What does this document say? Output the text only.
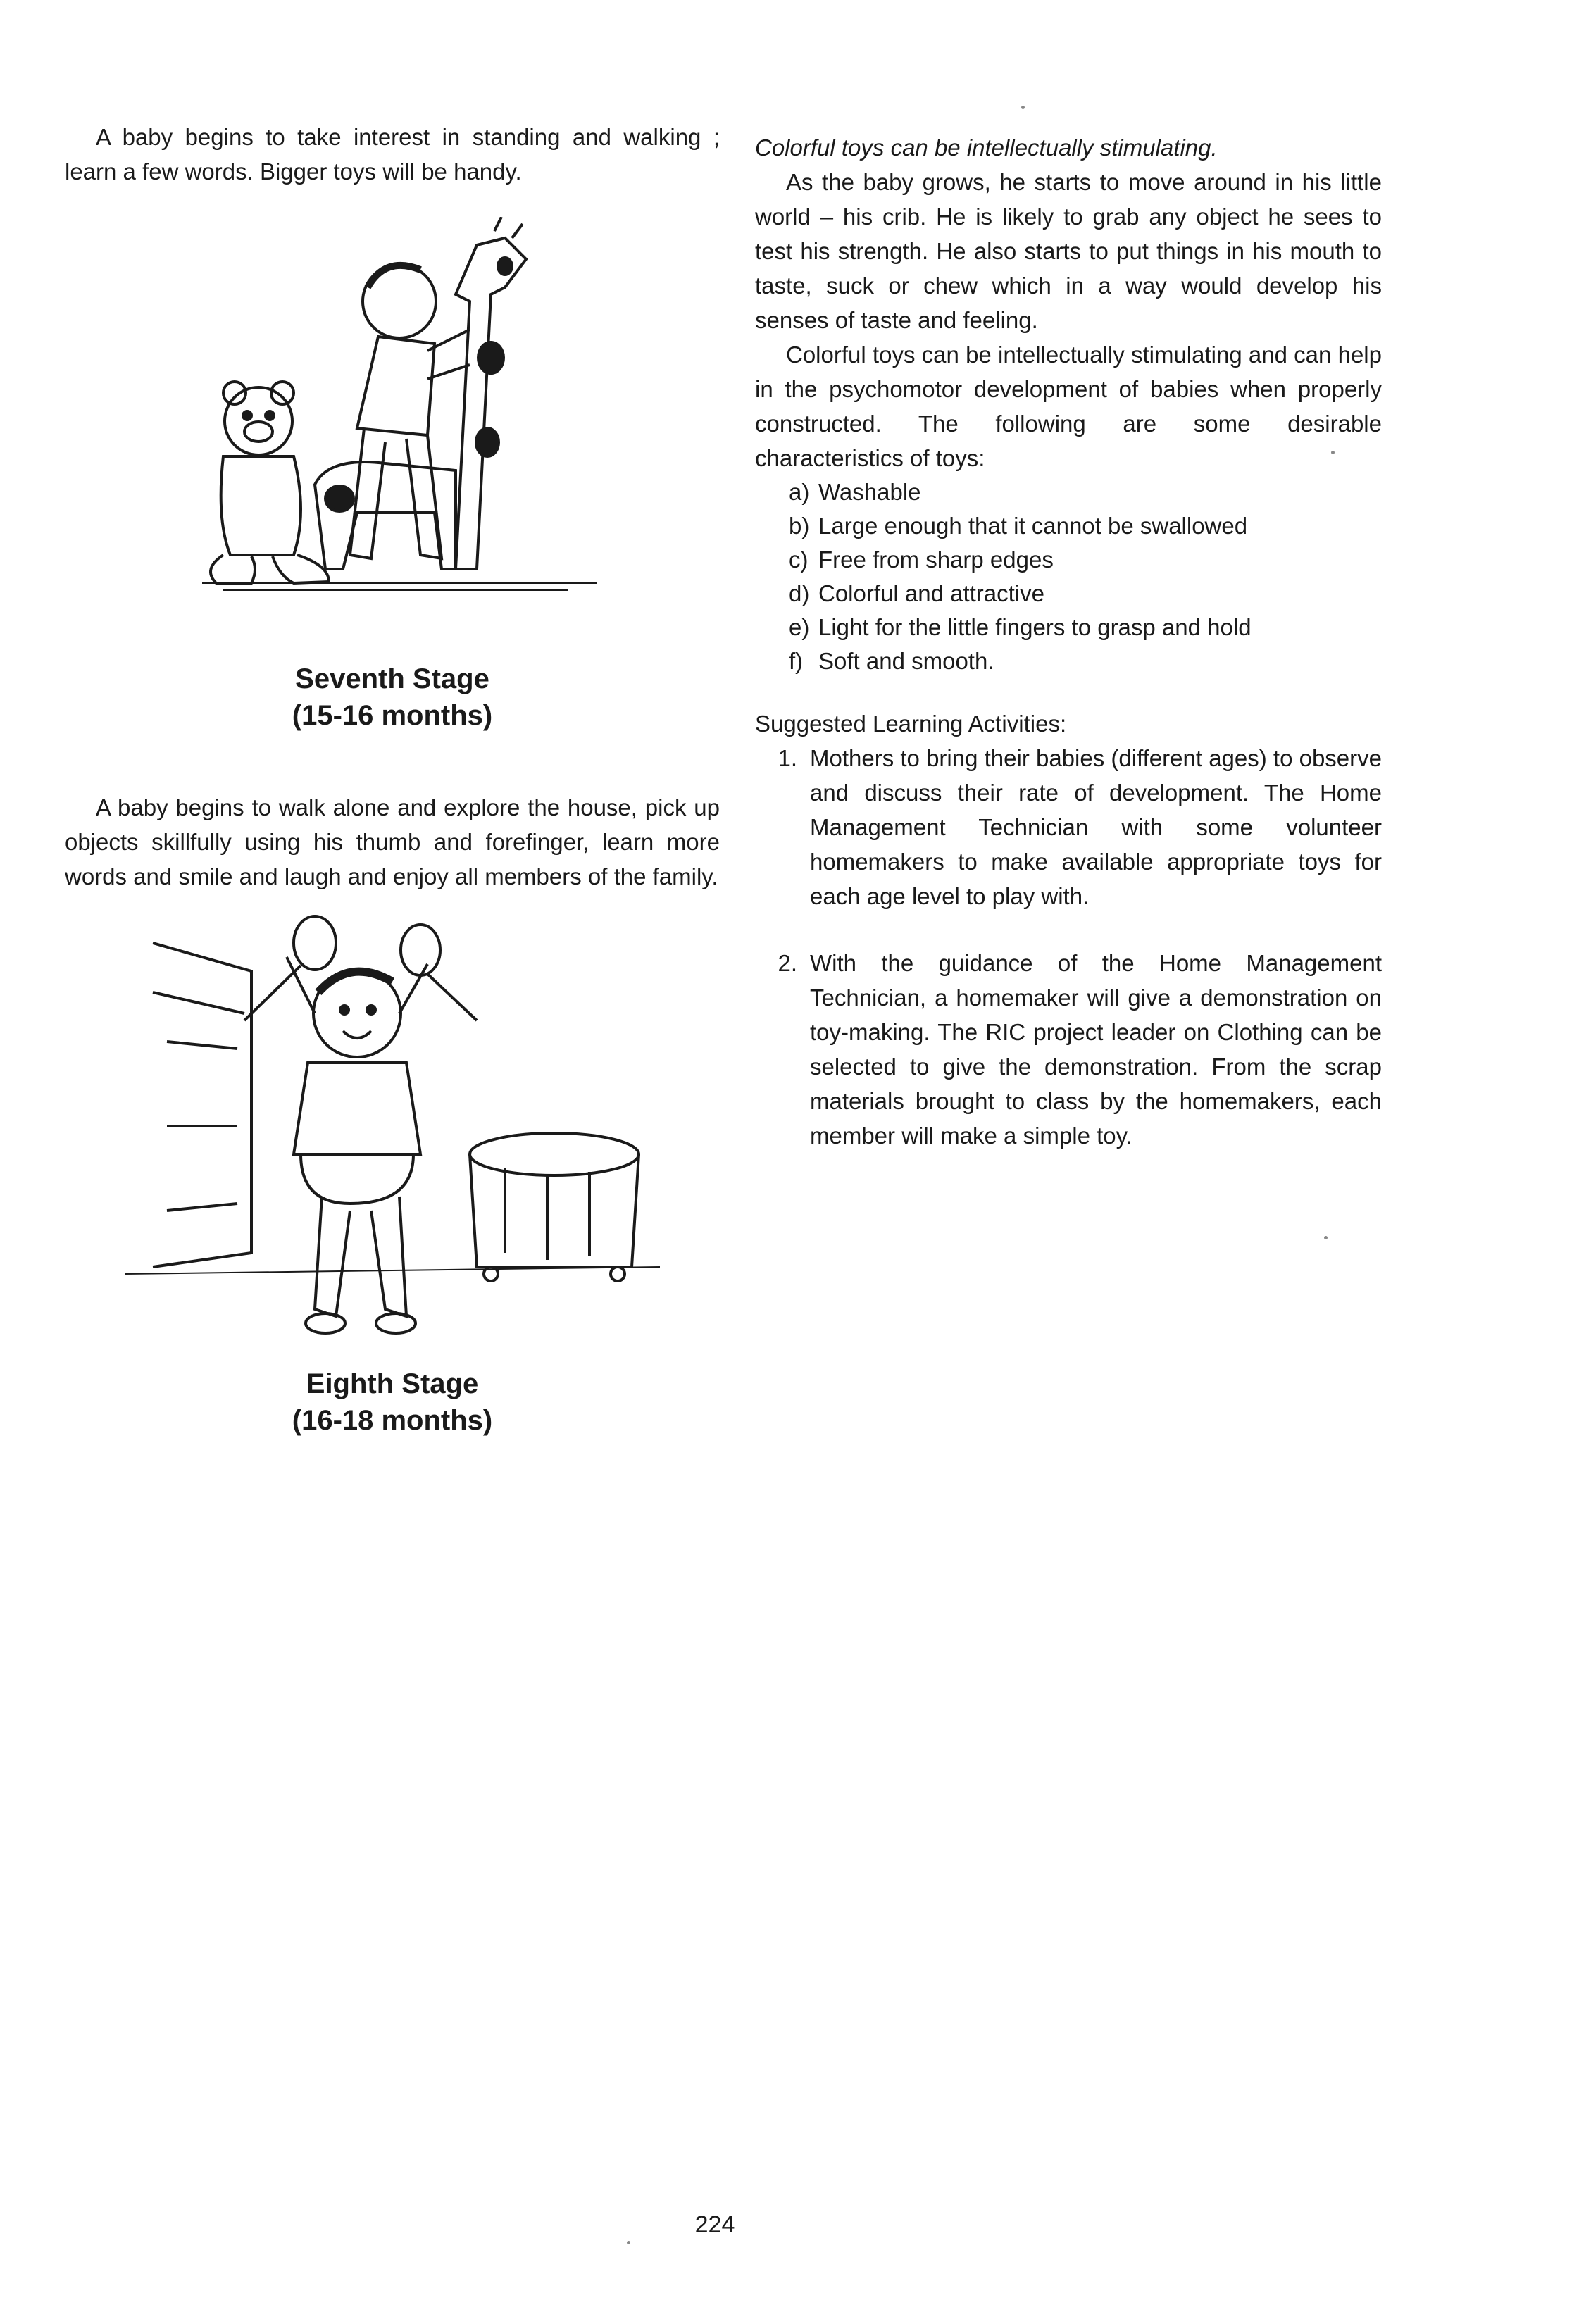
A baby begins to take interest in standing and walking ; learn a few words. Bigger toys will be handy.

Seventh Stage
(15-16 months)

A baby begins to walk alone and explore the house, pick up objects skillfully using his thumb and forefinger, learn more words and smile and laugh and enjoy all members of the family.

Eighth Stage
(16-18 months)

Colorful toys can be intellectually stimulating.

As the baby grows, he starts to move around in his little world – his crib. He is likely to grab any object he sees to test his strength. He also starts to put things in his mouth to taste, suck or chew which in a way would develop his senses of taste and feeling.

Colorful toys can be intellectually stimulating and can help in the psychomotor development of babies when properly constructed. The following are some desirable characteristics of toys:

a) Washable
b) Large enough that it cannot be swallowed
c) Free from sharp edges
d) Colorful and attractive
e) Light for the little fingers to grasp and hold
f) Soft and smooth.

Suggested Learning Activities:

1. Mothers to bring their babies (different ages) to observe and discuss their rate of development. The Home Management Technician with some volunteer homemakers to make available appropriate toys for each age level to play with.
2. With the guidance of the Home Management Technician, a homemaker will give a demonstration on toy-making. The RIC project leader on Clothing can be selected to give the demonstration. From the scrap materials brought to class by the homemakers, each member will make a simple toy.
224
